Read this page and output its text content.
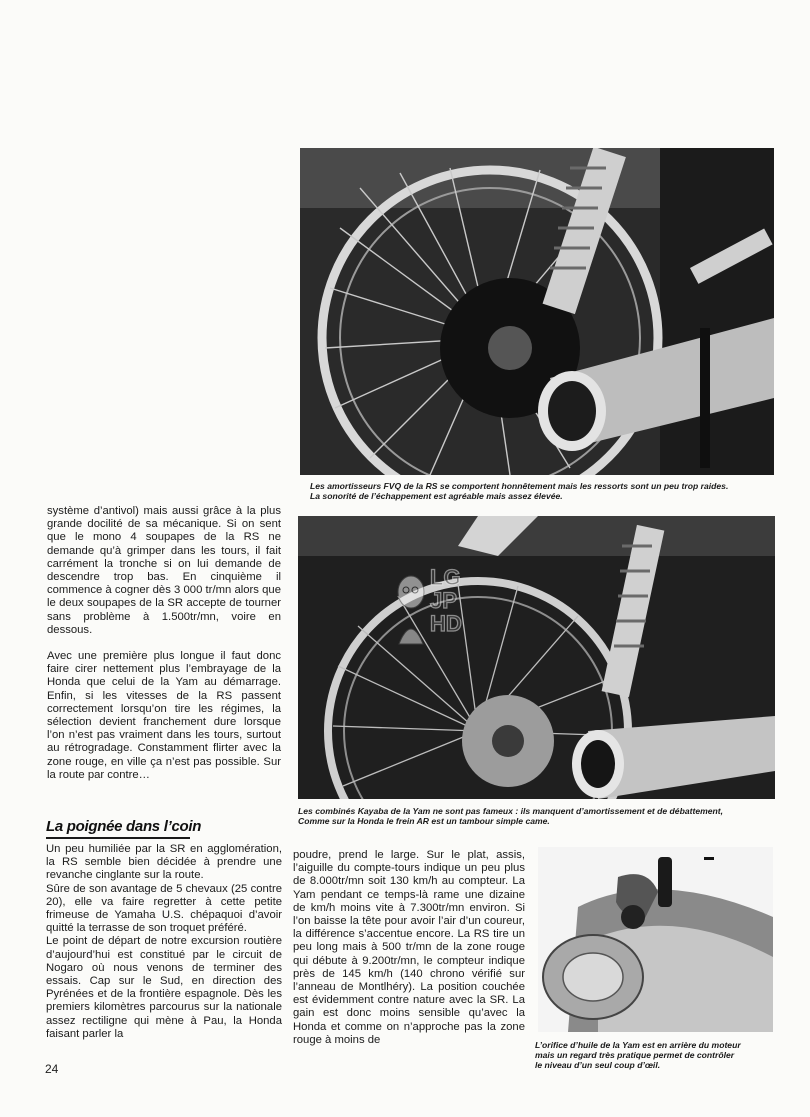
Les amortisseurs FVQ de la RS se comportent honnêtement mais les ressorts sont un peu trop raides.
La sonorité de l’échappement est agréable mais assez élevée.
Les combinés Kayaba de la Yam ne sont pas fameux : ils manquent d’amortissement et de débattement,
Comme sur la Honda le frein AR est un tambour simple came.
LG
JP
HD

système d’antivol) mais aussi grâce à la plus grande docilité de sa mécanique. Si on sent que le mono 4 soupapes de la RS ne demande qu’à grimper dans les tours, il fait carrément la tronche si on lui demande de descendre trop bas. En cinquième il commence à cogner dès 3 000 tr/mn alors que le deux soupapes de la SR accepte de tourner sans problème à 1.500tr/mn, voire en dessous.

Avec une première plus longue il faut donc faire cirer nettement plus l’embrayage de la Honda que celui de la Yam au démarrage. Enfin, si les vitesses de la RS passent correctement lorsqu’on tire les régimes, la sélection devient franchement dure lorsque l’on n’est pas vraiment dans les tours, surtout au rétrogradage. Constamment flirter avec la zone rouge, en ville ça n’est pas possible. Sur la route par contre…

La poignée dans l’coin

Un peu humiliée par la SR en agglomération, la RS semble bien décidée à prendre une revanche cinglante sur la route.

Sûre de son avantage de 5 chevaux (25 contre 20), elle va faire regretter à cette petite frimeuse de Yamaha U.S. chépaquoi d’avoir quitté la terrasse de son troquet préféré.

Le point de départ de notre excursion routière d’aujourd’hui est constitué par le circuit de Nogaro où nous venons de terminer des essais. Cap sur le Sud, en direction des Pyrénées et de la frontière espagnole. Dès les premiers kilomètres parcourus sur la nationale assez rectiligne qui mène à Pau, la Honda faisant parler la

poudre, prend le large. Sur le plat, assis, l’aiguille du compte-tours indique un peu plus de 8.000tr/mn soit 130 km/h au compteur. La Yam pendant ce temps-là rame une dizaine de km/h moins vite à 7.300tr/mn environ. Si l’on baisse la tête pour avoir l’air d’un coureur, la différence s’accentue encore. La RS tire un peu long mais à 500 tr/mn de la zone rouge qui débute à 9.200tr/mn, le compteur indique près de 145 km/h (140 chrono vérifié sur l’anneau de Montlhéry). La position couchée est évidemment contre nature avec la SR. La gain est donc moins sensible qu’avec la Honda et comme on n’approche pas la zone rouge à moins de	L’orifice d’huile de la Yam est en arrière du moteur
mais un regard très pratique permet de contrôler
le niveau d’un seul coup d’œil.
24
